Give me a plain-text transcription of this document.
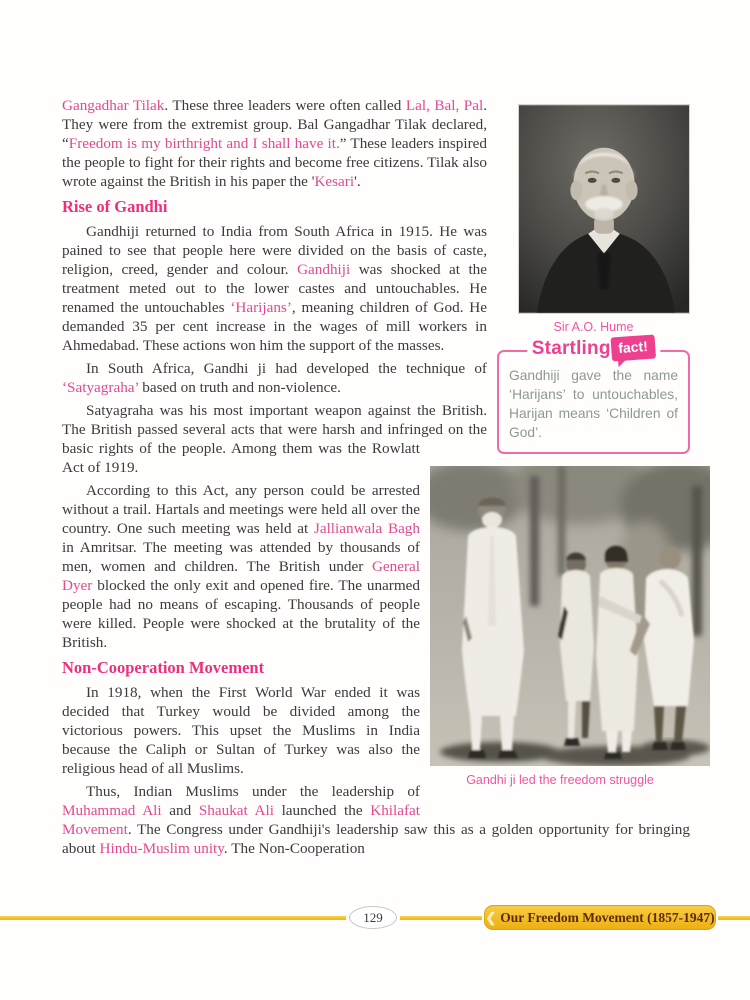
Sir A.O. Hume
Startling fact!
Gandhiji gave the name ‘Harijans’ to untouchables, Harijan means ‘Children of God’.

Gangadhar Tilak. These three leaders were often called Lal, Bal, Pal. They were from the extremist group. Bal Gangadhar Tilak declared, “Freedom is my birthright and I shall have it.” These leaders inspired the people to fight for their rights and become free citizens. Tilak also wrote against the British in his paper the 'Kesari'.

Rise of Gandhi

Gandhiji returned to India from South Africa in 1915. He was pained to see that people here were divided on the basis of caste, religion, creed, gender and colour. Gandhiji was shocked at the treatment meted out to the lower castes and untouchables. He renamed the untouchables ‘Harijans’, meaning children of God. He demanded 35 per cent increase in the wages of mill workers in Ahmedabad. These actions won him the support of the masses.

In South Africa, Gandhi ji had developed the technique of ‘Satyagraha’ based on truth and non-violence.

Gandhi ji led the freedom struggle

Satyagraha was his most important weapon against the British. The British passed several acts that were harsh and infringed on the basic rights of the people. Among them was the Rowlatt Act of 1919.

According to this Act, any person could be arrested without a trail. Hartals and meetings were held all over the country. One such meeting was held at Jallianwala Bagh in Amritsar. The meeting was attended by thousands of men, women and children. The British under General Dyer blocked the only exit and opened fire. The unarmed people had no means of escaping. Thousands of people were killed. People were shocked at the brutality of the British.

Non-Cooperation Movement

In 1918, when the First World War ended it was decided that Turkey would be divided among the victorious powers. This upset the Muslims in India because the Caliph or Sultan of Turkey was also the religious head of all Muslims.

Thus, Indian Muslims under the leadership of Muhammad Ali and Shaukat Ali launched the Khilafat Movement. The Congress under Gandhiji's leadership saw this as a golden opportunity for bringing about Hindu-Muslim unity. The Non-Cooperation

129	❮ Our Freedom Movement (1857-1947)
